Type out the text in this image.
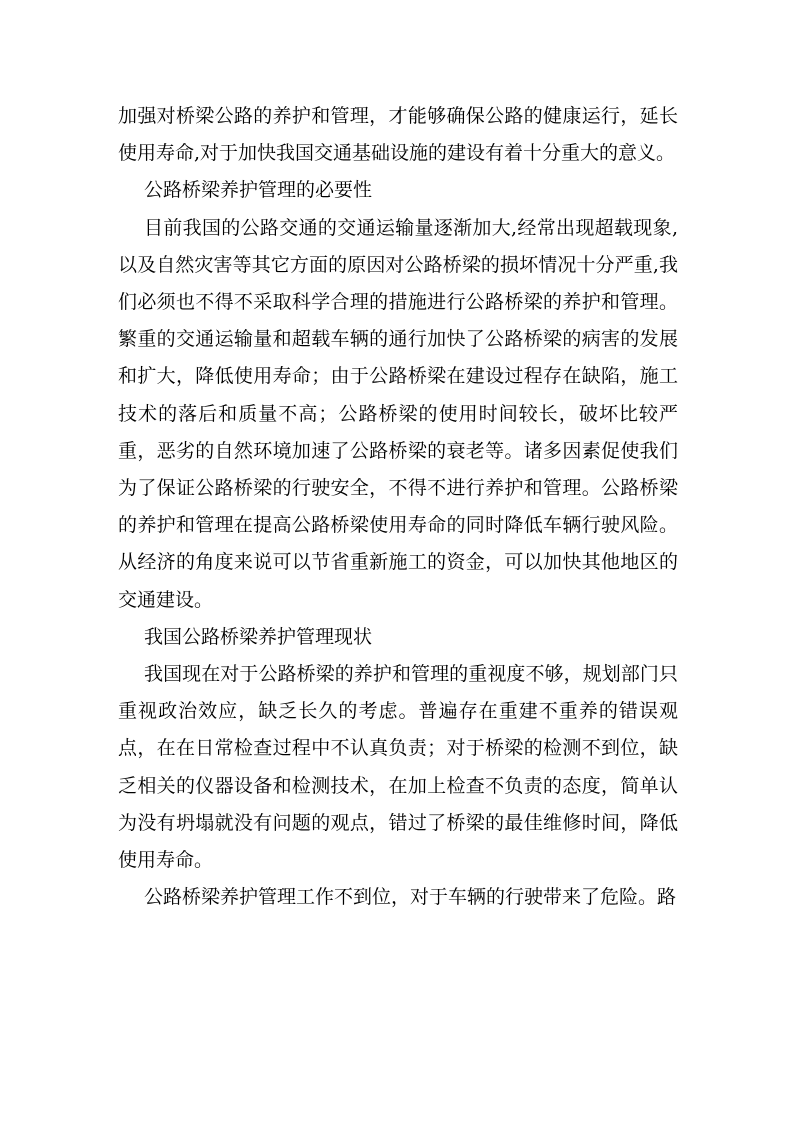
加强对桥梁公路的养护和管理，才能够确保公路的健康运行，延长使用寿命,对于加快我国交通基础设施的建设有着十分重大的意义。

公路桥梁养护管理的必要性

目前我国的公路交通的交通运输量逐渐加大,经常出现超载现象,以及自然灾害等其它方面的原因对公路桥梁的损坏情况十分严重,我们必须也不得不采取科学合理的措施进行公路桥梁的养护和管理。繁重的交通运输量和超载车辆的通行加快了公路桥梁的病害的发展和扩大，降低使用寿命；由于公路桥梁在建设过程存在缺陷，施工技术的落后和质量不高；公路桥梁的使用时间较长，破坏比较严重，恶劣的自然环境加速了公路桥梁的衰老等。诸多因素促使我们为了保证公路桥梁的行驶安全，不得不进行养护和管理。公路桥梁的养护和管理在提高公路桥梁使用寿命的同时降低车辆行驶风险。从经济的角度来说可以节省重新施工的资金，可以加快其他地区的交通建设。

我国公路桥梁养护管理现状

我国现在对于公路桥梁的养护和管理的重视度不够，规划部门只重视政治效应，缺乏长久的考虑。普遍存在重建不重养的错误观点，在在日常检查过程中不认真负责；对于桥梁的检测不到位，缺乏相关的仪器设备和检测技术，在加上检查不负责的态度，简单认为没有坍塌就没有问题的观点，错过了桥梁的最佳维修时间，降低使用寿命。

公路桥梁养护管理工作不到位，对于车辆的行驶带来了危险。路
